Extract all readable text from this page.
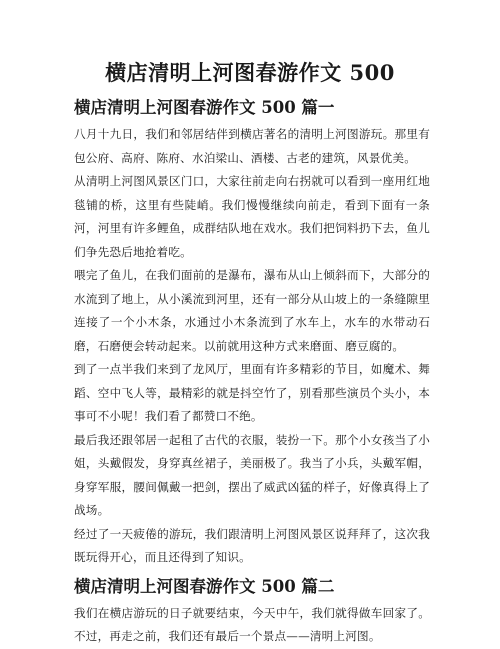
横店清明上河图春游作文 500
横店清明上河图春游作文 500 篇一

八月十九日，我们和邻居结伴到横店著名的清明上河图游玩。那里有包公府、高府、陈府、水泊梁山、酒楼、古老的建筑，风景优美。

从清明上河图风景区门口，大家往前走向右拐就可以看到一座用红地毯铺的桥，这里有些陡峭。我们慢慢继续向前走，看到下面有一条河，河里有许多鲤鱼，成群结队地在戏水。我们把饲料扔下去，鱼儿们争先恐后地抢着吃。

喂完了鱼儿，在我们面前的是瀑布，瀑布从山上倾斜而下，大部分的水流到了地上，从小溪流到河里，还有一部分从山坡上的一条缝隙里连接了一个小木条，水通过小木条流到了水车上，水车的水带动石磨，石磨便会转动起来。以前就用这种方式来磨面、磨豆腐的。

到了一点半我们来到了龙风厅，里面有许多精彩的节目，如魔术、舞蹈、空中飞人等，最精彩的就是抖空竹了，别看那些演员个头小，本事可不小呢！我们看了都赞口不绝。

最后我还跟邻居一起租了古代的衣服，装扮一下。那个小女孩当了小姐，头戴假发，身穿真丝裙子，美丽极了。我当了小兵，头戴军帽，身穿军服，腰间佩戴一把剑，摆出了威武凶猛的样子，好像真得上了战场。

经过了一天疲倦的游玩，我们跟清明上河图风景区说拜拜了，这次我既玩得开心，而且还得到了知识。

横店清明上河图春游作文 500 篇二

我们在横店游玩的日子就要结束，今天中午，我们就得做车回家了。不过，再走之前，我们还有最后一个景点——清明上河图。
